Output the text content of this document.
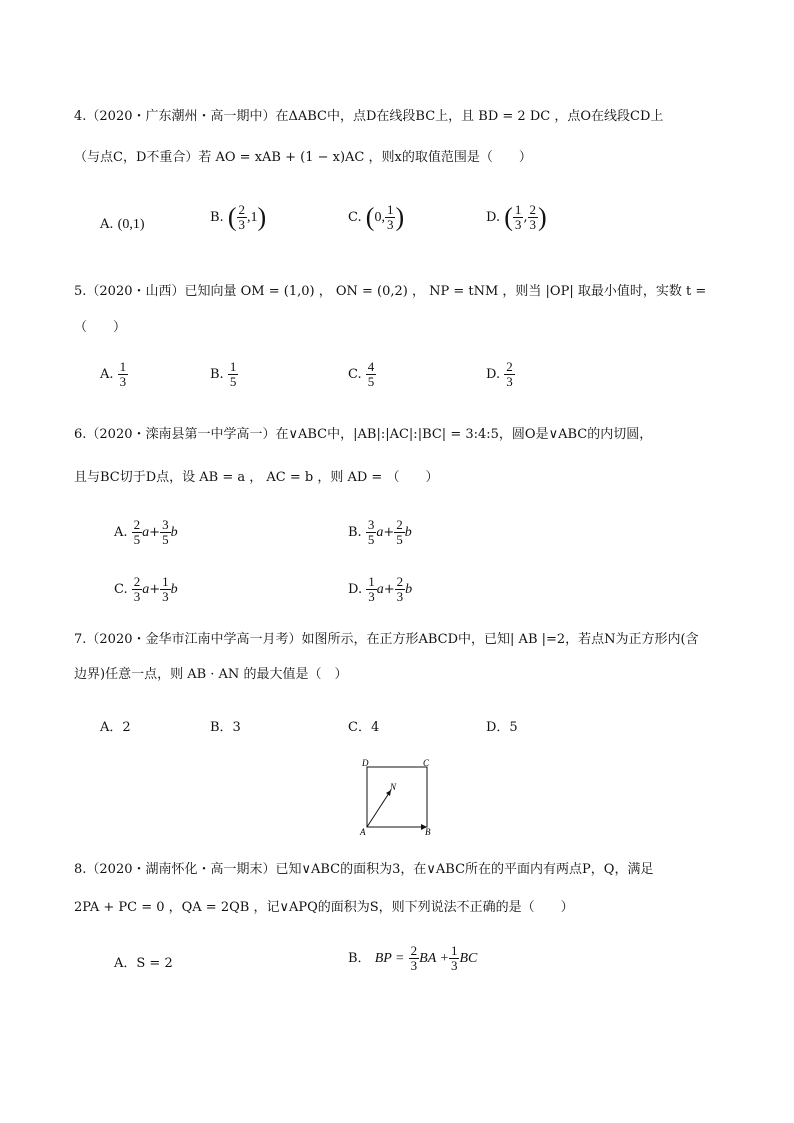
4.（2020・广东潮州・高一期中）在ΔABC中，点D在线段BC上，且 BD = 2 DC ，点O在线段CD上
（与点C，D不重合）若 AO = xAB + (1 − x)AC ，则x的取值范围是（　　）
A. (0,1)	B. ( $\frac{2}{3} ,1$)	C. (0, $\frac{1}{3}$ )	D. ( $\frac{1}{3}$ , $\frac{2}{3}$ )
5.（2020・山西）已知向量 OM = (1,0) ， ON = (0,2) ， NP = tNM ，则当 |OP| 取最小值时，实数 t =
（　　）
A. $\frac{1}{3}$	B. $\frac{1}{5}$	C. $\frac{4}{5}$	D. $\frac{2}{3}$
6.（2020・滦南县第一中学高一）在∨ABC中，|AB|:|AC|:|BC| = 3:4:5，圆O是∨ABC的内切圆，
且与BC切于D点，设 AB = a ， AC = b ，则 AD = （　　）
A. $\frac{2}{5} a+ \frac{3}{5}$ b	B. $\frac{3}{5} a+ \frac{2}{5}$ b
C. $\frac{2}{3} a+ \frac{1}{3}$ b	D. $\frac{1}{3} a+ \frac{2}{3}$ b
7.（2020・金华市江南中学高一月考）如图所示，在正方形ABCD中，已知| AB |=2，若点N为正方形内(含
边界)任意一点，则 AB · AN 的最大值是（　）
A．2	B．3	C．4	D．5
D	C
N
A	B
8.（2020・湖南怀化・高一期末）已知∨ABC的面积为3，在∨ABC所在的平面内有两点P，Q，满足
2PA + PC = 0 ，QA = 2QB ，记∨APQ的面积为S，则下列说法不正确的是（　　）
A．S = 2	B． BP = $\frac{2}{3}$ BA + $\frac{1}{3}$ BC
